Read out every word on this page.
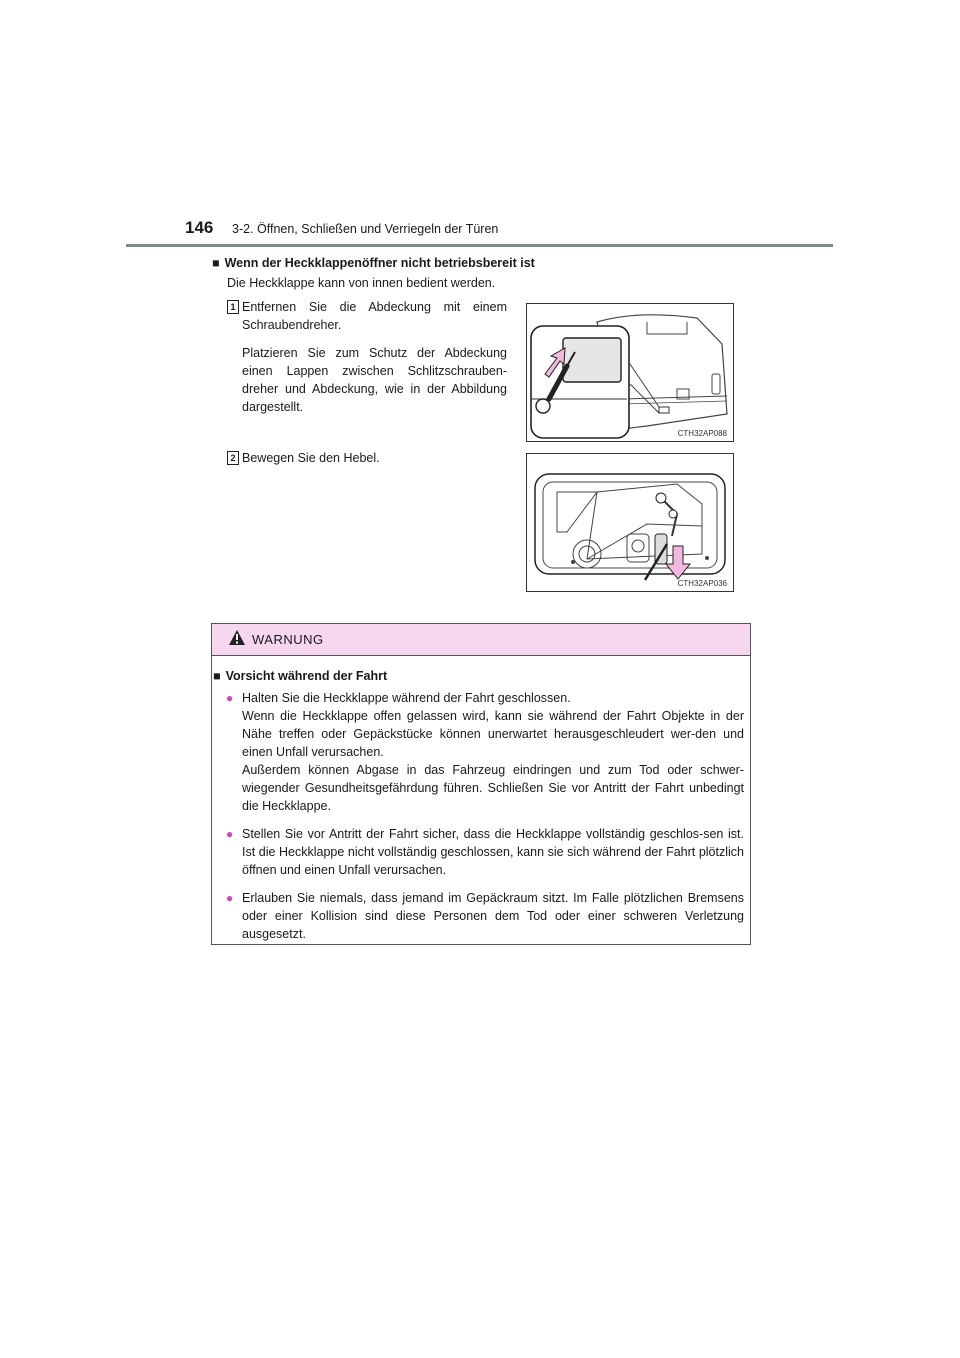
146 3-2. Öffnen, Schließen und Verriegeln der Türen
■ Wenn der Heckklappenöffner nicht betriebsbereit ist
Die Heckklappe kann von innen bedient werden.
1 Entfernen Sie die Abdeckung mit einem Schraubendreher.

Platzieren Sie zum Schutz der Abdeckung einen Lappen zwischen Schlitzschrauben-dreher und Abdeckung, wie in der Abbildung dargestellt.

CTH32AP088
2 Bewegen Sie den Hebel.

CTH32AP036
WARNUNG
■ Vorsicht während der Fahrt
● Halten Sie die Heckklappe während der Fahrt geschlossen.

Wenn die Heckklappe offen gelassen wird, kann sie während der Fahrt Objekte in der Nähe treffen oder Gepäckstücke können unerwartet herausgeschleudert wer-den und einen Unfall verursachen.

Außerdem können Abgase in das Fahrzeug eindringen und zum Tod oder schwer-wiegender Gesundheitsgefährdung führen. Schließen Sie vor Antritt der Fahrt unbedingt die Heckklappe.

● Stellen Sie vor Antritt der Fahrt sicher, dass die Heckklappe vollständig geschlos-sen ist. Ist die Heckklappe nicht vollständig geschlossen, kann sie sich während der Fahrt plötzlich öffnen und einen Unfall verursachen.

● Erlauben Sie niemals, dass jemand im Gepäckraum sitzt. Im Falle plötzlichen Bremsens oder einer Kollision sind diese Personen dem Tod oder einer schweren Verletzung ausgesetzt.
